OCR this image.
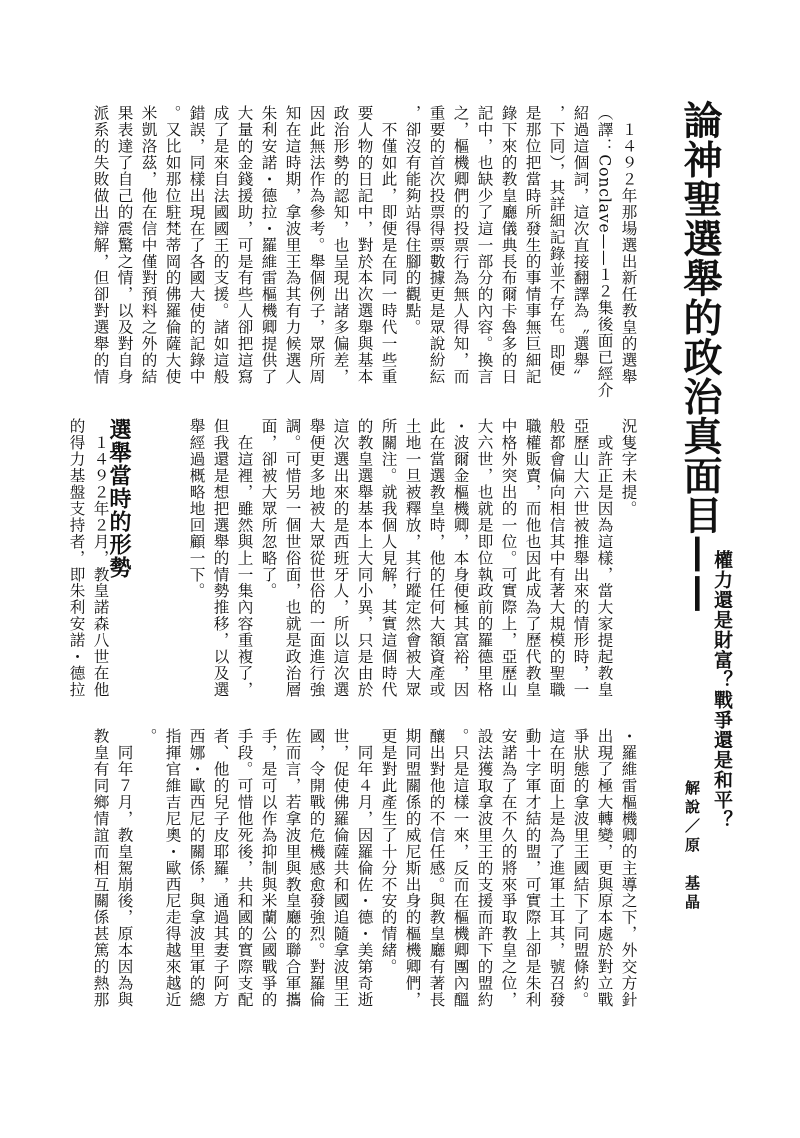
論神聖選舉的政治真面目——
權力還是財富？戰爭還是和平？
解說／原　基晶
選舉當時的形勢

　１４９２年那場選出新任教皇的選舉

（譯：Conclave——１２集後面已經介

紹過這個詞，這次直接翻譯為〝選舉〞

，下同），其詳細記錄並不存在。即便

是那位把當時所發生的事情事無巨細記

錄下來的教皇廳儀典長布爾卡魯多的日

記中，也缺少了這一部分的內容。換言

之，樞機卿們的投票行為無人得知，而

重要的首次投票得票數據更是眾說紛紜

，卻沒有能夠站得住腳的觀點。

　不僅如此，即便是在同一時代一些重

要人物的日記中，對於本次選舉與基本

政治形勢的認知，也呈現出諸多偏差，

因此無法作為參考。舉個例子，眾所周

知在這時期，拿波里王為其有力候選人

朱利安諾・德拉・羅維雷樞機卿提供了

大量的金錢援助，可是有些人卻把這寫

成了是來自法國國王的支援。諸如這般

錯誤，同樣出現在了各國大使的記錄中

。又比如那位駐梵蒂岡的佛羅倫薩大使

米凱洛茲，他在信中僅對預料之外的結

果表達了自己的震驚之情，以及對自身

派系的失敗做出辯解，但卻對選舉的情

況隻字未提。

　或許正是因為這樣，當大家提起教皇

亞歷山大六世被推舉出來的情形時，一

般都會偏向相信其中有著大規模的聖職

職權販賣，而他也因此成為了歷代教皇

中格外突出的一位。可實際上，亞歷山

大六世，也就是即位執政前的羅德里格

・波爾金樞機卿，本身便極其富裕，因

此在當選教皇時，他的任何大額資產或

土地一旦被釋放，其行蹤定然會被大眾

所關注。就我個人見解，其實這個時代

的教皇選舉基本上大同小異，只是由於

這次選出來的是西班牙人，所以這次選

舉便更多地被大眾從世俗的一面進行強

調。可惜另一個世俗面，也就是政治層

面，卻被大眾所忽略了。

　在這裡，雖然與上一集內容重複了，

但我還是想把選舉的情勢推移，以及選

舉經過概略地回顧一下。

　１４９２年２月，教皇諾森八世在他

的得力基盤支持者，即朱利安諾・德拉

・羅維雷樞機卿的主導之下，外交方針

出現了極大轉變，更與原本處於對立戰

爭狀態的拿波里王國結下了同盟條約。

這在明面上是為了進軍土耳其，號召發

動十字軍才結的盟，可實際上卻是朱利

安諾為了在不久的將來爭取教皇之位，

設法獲取拿波里王的支援而許下的盟約

。只是這樣一來，反而在樞機卿團內醞

釀出對他的不信任感。與教皇廳有著長

期同盟關係的威尼斯出身的樞機卿們，

更是對此產生了十分不安的情緒。

　同年４月，因羅倫佐・德・美第奇逝

世，促使佛羅倫薩共和國追隨拿波里王

國，令開戰的危機感愈發強烈。對羅倫

佐而言，若拿波里與教皇廳的聯合軍攜

手，是可以作為抑制與米蘭公國戰爭的

手段。可惜他死後，共和國的實際支配

者、他的兒子皮耶羅，通過其妻子阿方

西娜・歐西尼的關係，與拿波里軍的總

指揮官維吉尼奧・歐西尼走得越來越近

。

　同年７月，教皇駕崩後，原本因為與

教皇有同鄉情誼而相互關係甚篤的熱那
